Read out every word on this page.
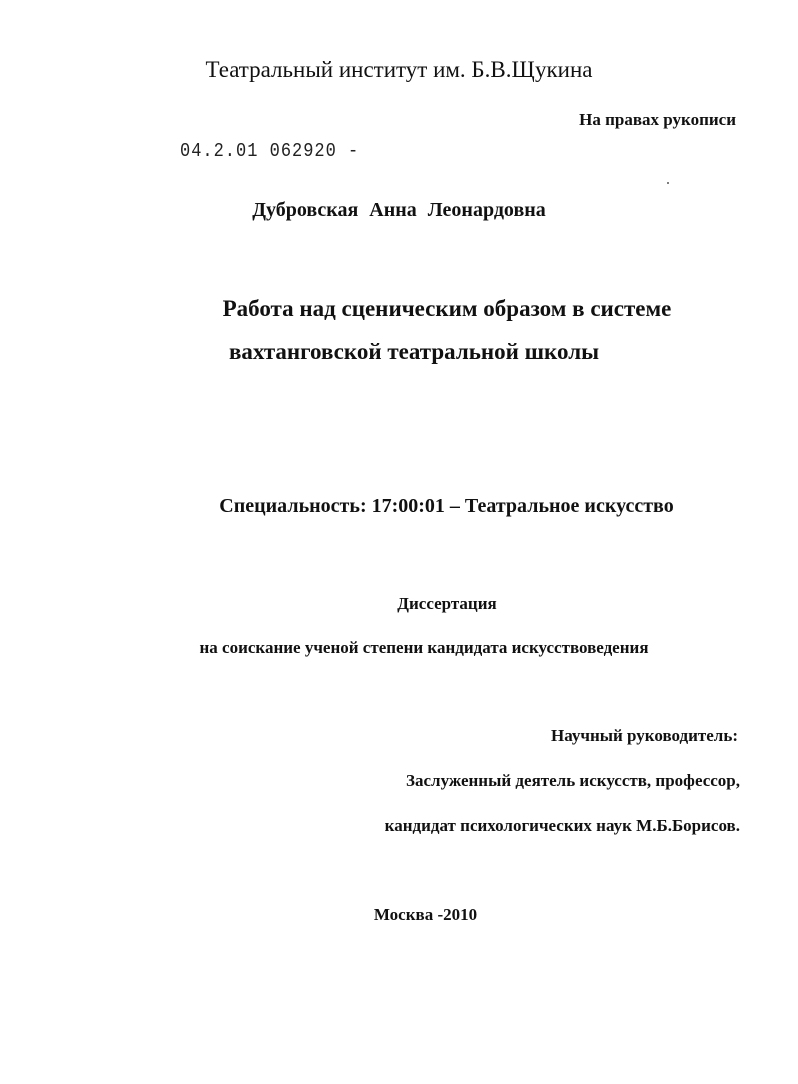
Театральный институт им. Б.В.Щукина
На правах рукописи
04.2.01 062920 -
Дубровская Анна Леонардовна
Работа над сценическим образом в системе
вахтанговской театральной школы
Специальность: 17:00:01 – Театральное искусство
Диссертация
на соискание ученой степени кандидата искусствоведения
Научный руководитель:
Заслуженный деятель искусств, профессор,
кандидат психологических наук М.Б.Борисов.
Москва -2010
